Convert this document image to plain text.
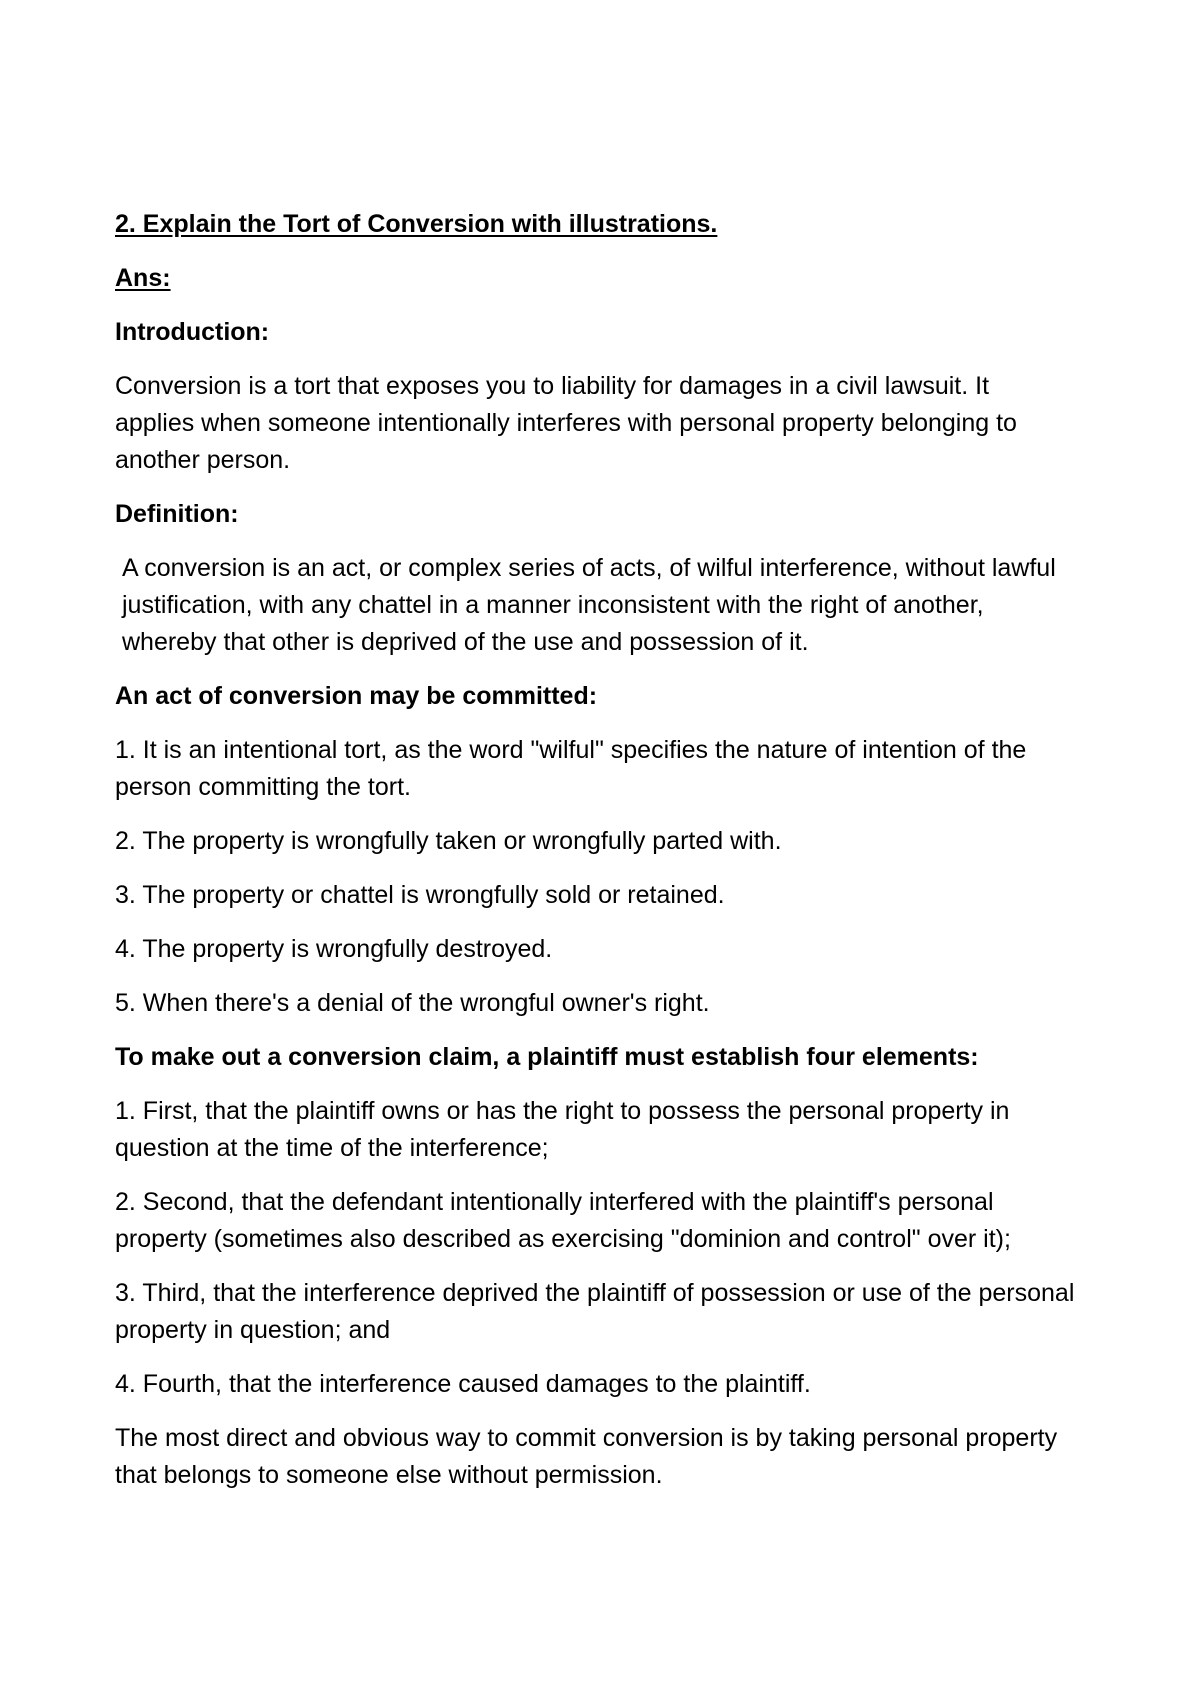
2. Explain the Tort of Conversion with illustrations.

Ans:

Introduction:

Conversion is a tort that exposes you to liability for damages in a civil lawsuit. It applies when someone intentionally interferes with personal property belonging to another person.

Definition:

A conversion is an act, or complex series of acts, of wilful interference, without lawful justification, with any chattel in a manner inconsistent with the right of another, whereby that other is deprived of the use and possession of it.

An act of conversion may be committed:

1. It is an intentional tort, as the word "wilful" specifies the nature of intention of the person committing the tort.

2. The property is wrongfully taken or wrongfully parted with.

3. The property or chattel is wrongfully sold or retained.

4. The property is wrongfully destroyed.

5. When there's a denial of the wrongful owner's right.

To make out a conversion claim, a plaintiff must establish four elements:

1. First, that the plaintiff owns or has the right to possess the personal property in question at the time of the interference;

2. Second, that the defendant intentionally interfered with the plaintiff's personal property (sometimes also described as exercising "dominion and control" over it);

3. Third, that the interference deprived the plaintiff of possession or use of the personal property in question; and

4. Fourth, that the interference caused damages to the plaintiff.

The most direct and obvious way to commit conversion is by taking personal property that belongs to someone else without permission.
